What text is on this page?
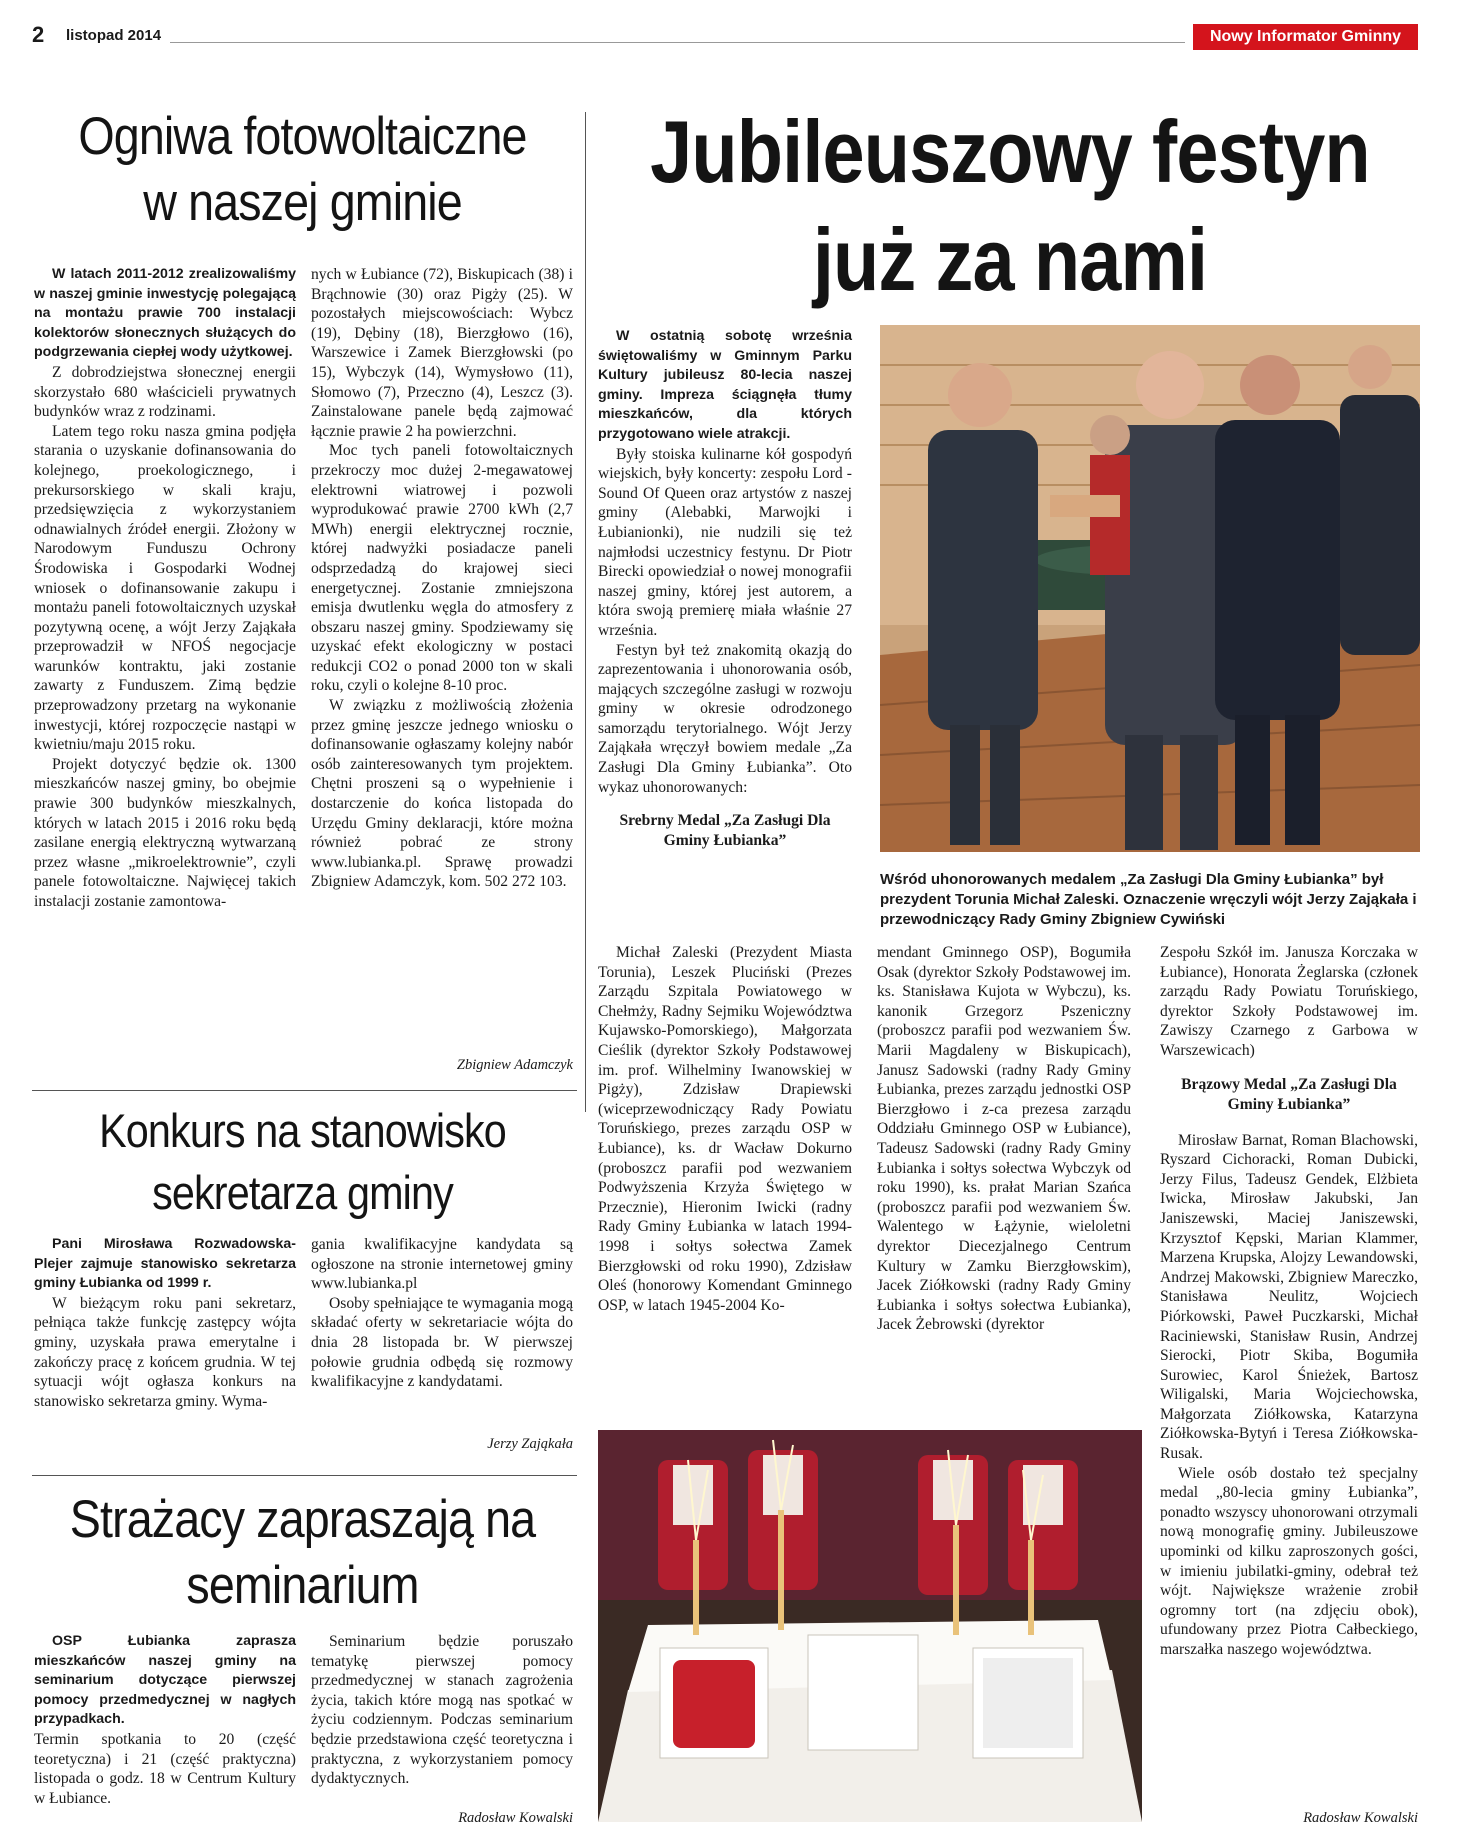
2 listopad 2014	Nowy Informator Gminny
Ogniwa fotowoltaiczne w naszej gminie

W latach 2011-2012 zrealizowaliśmy w naszej gminie inwestycję polegającą na montażu prawie 700 instalacji kolektorów słonecznych służących do podgrzewania ciepłej wody użytkowej.

Z dobrodziejstwa słonecznej energii skorzystało 680 właścicieli prywatnych budynków wraz z rodzinami.

Latem tego roku nasza gmina podjęła starania o uzyskanie dofinansowania do kolejnego, proekologicznego, i prekursorskiego w skali kraju, przedsięwzięcia z wykorzystaniem odnawialnych źródeł energii. Złożony w Narodowym Funduszu Ochrony Środowiska i Gospodarki Wodnej wniosek o dofinansowanie zakupu i montażu paneli fotowoltaicznych uzyskał pozytywną ocenę, a wójt Jerzy Zająkała przeprowadził w NFOŚ negocjacje warunków kontraktu, jaki zostanie zawarty z Funduszem. Zimą będzie przeprowadzony przetarg na wykonanie inwestycji, której rozpoczęcie nastąpi w kwietniu/maju 2015 roku.

Projekt dotyczyć będzie ok. 1300 mieszkańców naszej gminy, bo obejmie prawie 300 budynków mieszkalnych, których w latach 2015 i 2016 roku będą zasilane energią elektryczną wytwarzaną przez własne „mikroelektrownie”, czyli panele fotowoltaiczne. Najwięcej takich instalacji zostanie zamontowa-

nych w Łubiance (72), Biskupicach (38) i Brąchnowie (30) oraz Pigży (25). W pozostałych miejscowościach: Wybcz (19), Dębiny (18), Bierzgłowo (16), Warszewice i Zamek Bierzgłowski (po 15), Wybczyk (14), Wymysłowo (11), Słomowo (7), Przeczno (4), Leszcz (3). Zainstalowane panele będą zajmować łącznie prawie 2 ha powierzchni.

Moc tych paneli fotowoltaicznych przekroczy moc dużej 2-megawatowej elektrowni wiatrowej i pozwoli wyprodukować prawie 2700 kWh (2,7 MWh) energii elektrycznej rocznie, której nadwyżki posiadacze paneli odsprzedadzą do krajowej sieci energetycznej. Zostanie zmniejszona emisja dwutlenku węgla do atmosfery z obszaru naszej gminy. Spodziewamy się uzyskać efekt ekologiczny w postaci redukcji CO2 o ponad 2000 ton w skali roku, czyli o kolejne 8-10 proc.

W związku z możliwością złożenia przez gminę jeszcze jednego wniosku o dofinansowanie ogłaszamy kolejny nabór osób zainteresowanych tym projektem. Chętni proszeni są o wypełnienie i dostarczenie do końca listopada do Urzędu Gminy deklaracji, które można również pobrać ze strony www.lubianka.pl. Sprawę prowadzi Zbigniew Adamczyk, kom. 502 272 103.

Zbigniew Adamczyk
Konkurs na stanowisko sekretarza gminy

Pani Mirosława Rozwadowska-Plejer zajmuje stanowisko sekretarza gminy Łubianka od 1999 r.

W bieżącym roku pani sekretarz, pełniąca także funkcję zastępcy wójta gminy, uzyskała prawa emerytalne i zakończy pracę z końcem grudnia. W tej sytuacji wójt ogłasza konkurs na stanowisko sekretarza gminy. Wyma-

gania kwalifikacyjne kandydata są ogłoszone na stronie internetowej gminy www.lubianka.pl

Osoby spełniające te wymagania mogą składać oferty w sekretariacie wójta do dnia 28 listopada br. W pierwszej połowie grudnia odbędą się rozmowy kwalifikacyjne z kandydatami.

Jerzy Zająkała
Strażacy zapraszają na seminarium

OSP Łubianka zaprasza mieszkańców naszej gminy na seminarium dotyczące pierwszej pomocy przedmedycznej w nagłych przypadkach.

Termin spotkania to 20 (część teoretyczna) i 21 (część praktyczna) listopada o godz. 18 w Centrum Kultury w Łubiance.

Seminarium będzie poruszało tematykę pierwszej pomocy przedmedycznej w stanach zagrożenia życia, takich które mogą nas spotkać w życiu codziennym. Podczas seminarium będzie przedstawiona część teoretyczna i praktyczna, z wykorzystaniem pomocy dydaktycznych.

Radosław Kowalski
Jubileuszowy festyn już za nami

W ostatnią sobotę września świętowaliśmy w Gminnym Parku Kultury jubileusz 80-lecia naszej gminy. Impreza ściągnęła tłumy mieszkańców, dla których przygotowano wiele atrakcji.

Były stoiska kulinarne kół gospodyń wiejskich, były koncerty: zespołu Lord - Sound Of Queen oraz artystów z naszej gminy (Alebabki, Marwojki i Łubianionki), nie nudzili się też najmłodsi uczestnicy festynu. Dr Piotr Birecki opowiedział o nowej monografii naszej gminy, której jest autorem, a która swoją premierę miała właśnie 27 września.

Festyn był też znakomitą okazją do zaprezentowania i uhonorowania osób, mających szczególne zasługi w rozwoju gminy w okresie odrodzonego samorządu terytorialnego. Wójt Jerzy Zająkała wręczył bowiem medale „Za Zasługi Dla Gminy Łubianka”. Oto wykaz uhonorowanych:

Srebrny Medal „Za Zasługi Dla Gminy Łubianka”
Wśród uhonorowanych medalem „Za Zasługi Dla Gminy Łubianka” był prezydent Torunia Michał Zaleski. Oznaczenie wręczyli wójt Jerzy Zająkała i przewodniczący Rady Gminy Zbigniew Cywiński

Michał Zaleski (Prezydent Miasta Torunia), Leszek Pluciński (Prezes Zarządu Szpitala Powiatowego w Chełmży, Radny Sejmiku Województwa Kujawsko-Pomorskiego), Małgorzata Cieślik (dyrektor Szkoły Podstawowej im. prof. Wilhelminy Iwanowskiej w Pigży), Zdzisław Drapiewski (wiceprzewodniczący Rady Powiatu Toruńskiego, prezes zarządu OSP w Łubiance), ks. dr Wacław Dokurno (proboszcz parafii pod wezwaniem Podwyższenia Krzyża Świętego w Przecznie), Hieronim Iwicki (radny Rady Gminy Łubianka w latach 1994-1998 i sołtys sołectwa Zamek Bierzgłowski od roku 1990), Zdzisław Oleś (honorowy Komendant Gminnego OSP, w latach 1945-2004 Ko-

mendant Gminnego OSP), Bogumiła Osak (dyrektor Szkoły Podstawowej im. ks. Stanisława Kujota w Wybczu), ks. kanonik Grzegorz Pszeniczny (proboszcz parafii pod wezwaniem Św. Marii Magdaleny w Biskupicach), Janusz Sadowski (radny Rady Gminy Łubianka, prezes zarządu jednostki OSP Bierzgłowo i z-ca prezesa zarządu Oddziału Gminnego OSP w Łubiance), Tadeusz Sadowski (radny Rady Gminy Łubianka i sołtys sołectwa Wybczyk od roku 1990), ks. prałat Marian Szańca (proboszcz parafii pod wezwaniem Św. Walentego w Łążynie, wieloletni dyrektor Diecezjalnego Centrum Kultury w Zamku Bierzgłowskim), Jacek Ziółkowski (radny Rady Gminy Łubianka i sołtys sołectwa Łubianka), Jacek Żebrowski (dyrektor

Zespołu Szkół im. Janusza Korczaka w Łubiance), Honorata Żeglarska (członek zarządu Rady Powiatu Toruńskiego, dyrektor Szkoły Podstawowej im. Zawiszy Czarnego z Garbowa w Warszewicach)

Brązowy Medal „Za Zasługi Dla Gminy Łubianka”

Mirosław Barnat, Roman Blachowski, Ryszard Cichoracki, Roman Dubicki, Jerzy Filus, Tadeusz Gendek, Elżbieta Iwicka, Mirosław Jakubski, Jan Janiszewski, Maciej Janiszewski, Krzysztof Kępski, Marian Klammer, Marzena Krupska, Alojzy Lewandowski, Andrzej Makowski, Zbigniew Mareczko, Stanisława Neulitz, Wojciech Piórkowski, Paweł Puczkarski, Michał Raciniewski, Stanisław Rusin, Andrzej Sierocki, Piotr Skiba, Bogumiła Surowiec, Karol Śnieżek, Bartosz Wiligalski, Maria Wojciechowska, Małgorzata Ziółkowska, Katarzyna Ziółkowska-Bytyń i Teresa Ziółkowska-Rusak.

Wiele osób dostało też specjalny medal „80-lecia gminy Łubianka”, ponadto wszyscy uhonorowani otrzymali nową monografię gminy. Jubileuszowe upominki od kilku zaproszonych gości, w imieniu jubilatki-gminy, odebrał też wójt. Największe wrażenie zrobił ogromny tort (na zdjęciu obok), ufundowany przez Piotra Całbeckiego, marszałka naszego województwa.

Radosław Kowalski
